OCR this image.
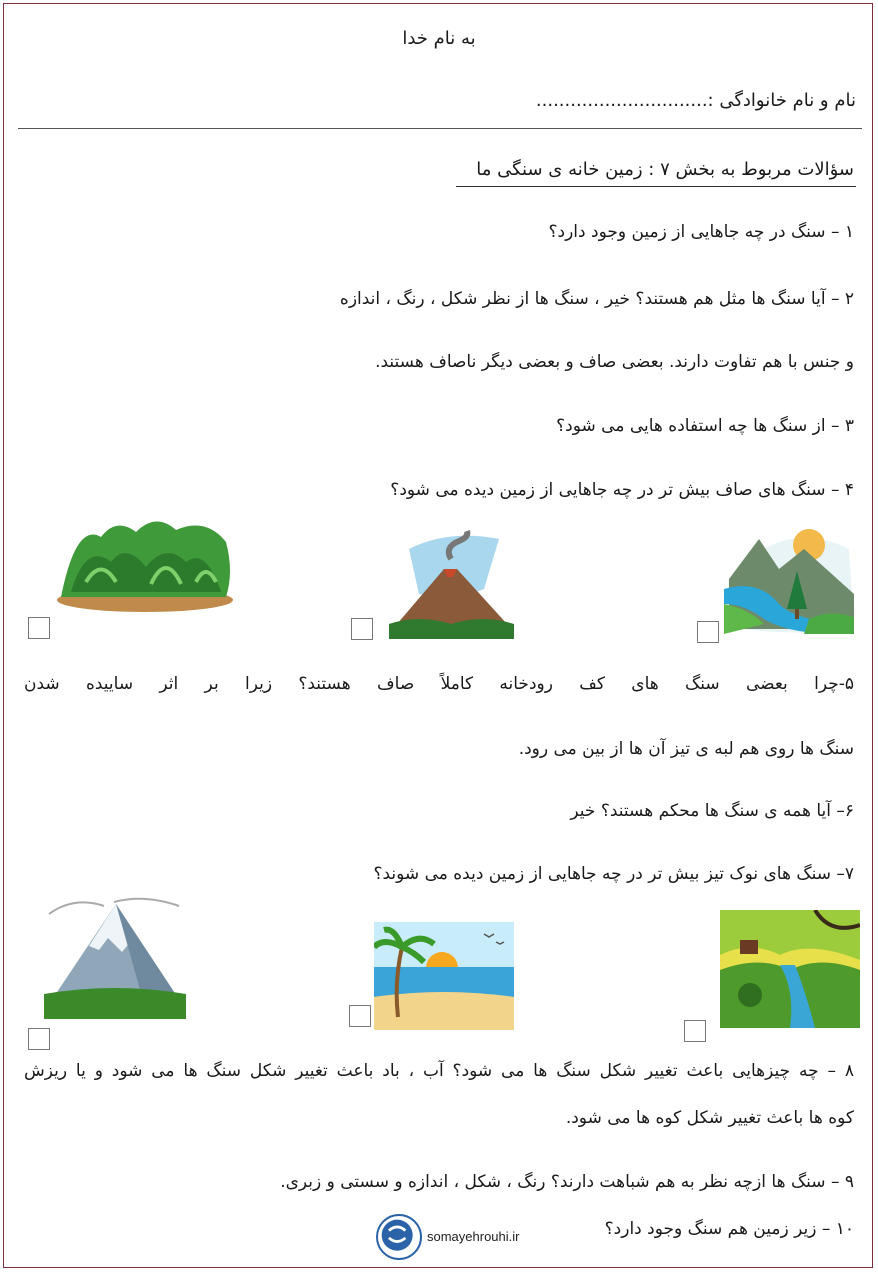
به نام خدا
نام و نام خانوادگی :..............................
سؤالات مربوط به بخش ۷ : زمین خانه ی سنگی ما
۱ – سنگ در چه جاهایی از زمین وجود دارد؟
۲ – آیا سنگ ها مثل هم هستند؟ خیر ، سنگ ها از نظر شکل ، رنگ ، اندازه
و جنس با هم تفاوت دارند. بعضی صاف و بعضی دیگر ناصاف هستند.
۳ – از سنگ ها چه استفاده هایی می شود؟
۴ – سنگ های صاف بیش تر در چه جاهایی از زمین دیده می شود؟
۵-چرا بعضی سنگ های کف رودخانه کاملاً صاف هستند؟ زیرا بر اثر ساییده شدن
سنگ ها روی هم لبه ی تیز آن ها از بین می رود.
۶– آیا همه ی سنگ ها محکم هستند؟ خیر
۷– سنگ های نوک تیز بیش تر در چه جاهایی از زمین دیده می شوند؟
۸ – چه چیزهایی باعث تغییر شکل سنگ ها می شود؟ آب ، باد باعث تغییر شکل سنگ ها می شود و یا ریزش
کوه ها باعث تغییر شکل کوه ها می شود.
۹ – سنگ ها ازچه نظر به هم شباهت دارند؟ رنگ ، شکل ، اندازه و سستی و زبری.
۱۰ – زیر زمین هم سنگ وجود دارد؟
somayehrouhi.ir
